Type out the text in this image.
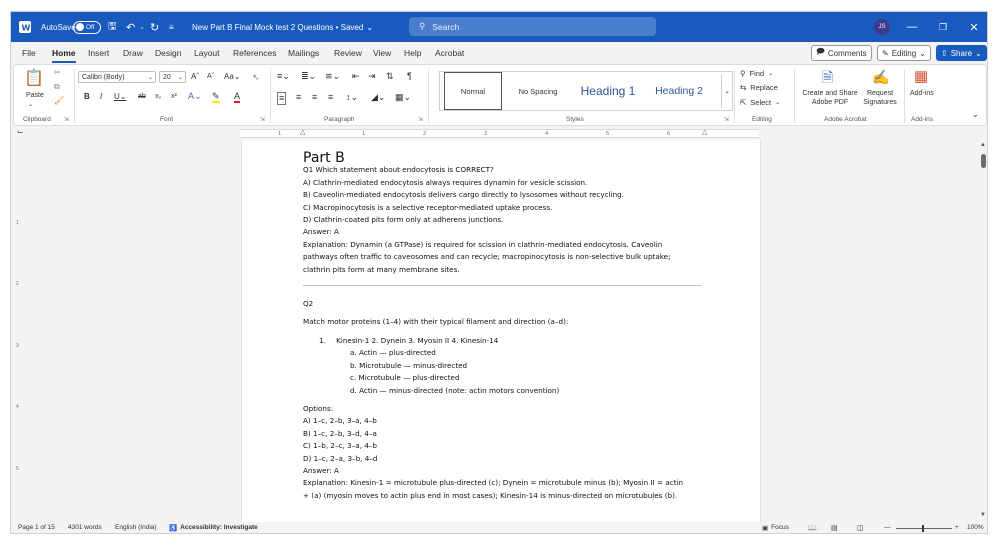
W AutoSave Off 🖫 ↶ ⌄ ↻ ≡ New Part B Final Mock test 2 Questions • Saved ⌄	⚲ Search	JS	—	❐	✕
File Home Insert Draw Design Layout References Mailings Review View Help Acrobat	🗩 Comments ✎ Editing ⌄ ⇧ Share ⌄
📋
Paste
⌄
✂
⧉
🖌
Clipboard ⇲
Calibri (Body)	⌄ 20 ⌄ Aˆ Aˇ Aa⌄ ➴
B I U⌄ ab x₂ x² A⌄ ✎ A
Font	⇲
≡⌄ ≣⌄ ≌⌄ ⇤ ⇥ ⇅ ¶
≡ ≡ ≡ ≡ ↕⌄ ◢⌄ ▦⌄
Paragraph	⇲
Normal	No Spacing	Heading 1	Heading 2	⌄
Styles	⇲
⚲ Find ⌄
⇆ Replace
⇱ Select ⌄
Editing
🗎
Create and Share Adobe PDF
✍
Request Signatures
Adobe Acrobat
▦
Add-ins
Add-ins
⌄
⌙	△
1	1	2	3	4	5	6	△
1
2
3
4
5

Part B

Q1 Which statement about endocytosis is CORRECT?

A) Clathrin-mediated endocytosis always requires dynamin for vesicle scission.

B) Caveolin-mediated endocytosis delivers cargo directly to lysosomes without recycling.

C) Macropinocytosis is a selective receptor-mediated uptake process.

D) Clathrin-coated pits form only at adherens junctions.

Answer: A

Explanation: Dynamin (a GTPase) is required for scission in clathrin-mediated endocytosis. Caveolin

pathways often traffic to caveosomes and can recycle; macropinocytosis is non-selective bulk uptake;

clathrin pits form at many membrane sites.

Q2

Match motor proteins (1–4) with their typical filament and direction (a–d):

1. Kinesin-1 2. Dynein 3. Myosin II 4. Kinesin-14
a. Actin — plus-directed
b. Microtubule — minus-directed
c. Microtubule — plus-directed
d. Actin — minus-directed (note: actin motors convention)

Options:

A) 1–c, 2–b, 3–a, 4–b

B) 1–c, 2–b, 3–d, 4–a

C) 1–b, 2–c, 3–a, 4–b

D) 1–c, 2–a, 3–b, 4–d

Answer: A

Explanation: Kinesin-1 = microtubule plus-directed (c); Dynein = microtubule minus (b); Myosin II = actin

+ (a) (myosin moves to actin plus end in most cases); Kinesin-14 is minus-directed on microtubules (b).

▲
▼
Page 1 of 15 4301 words English (India) ♿ Accessibility: Investigate	▣ Focus	📖 ▤	◫	—	+ 100%
